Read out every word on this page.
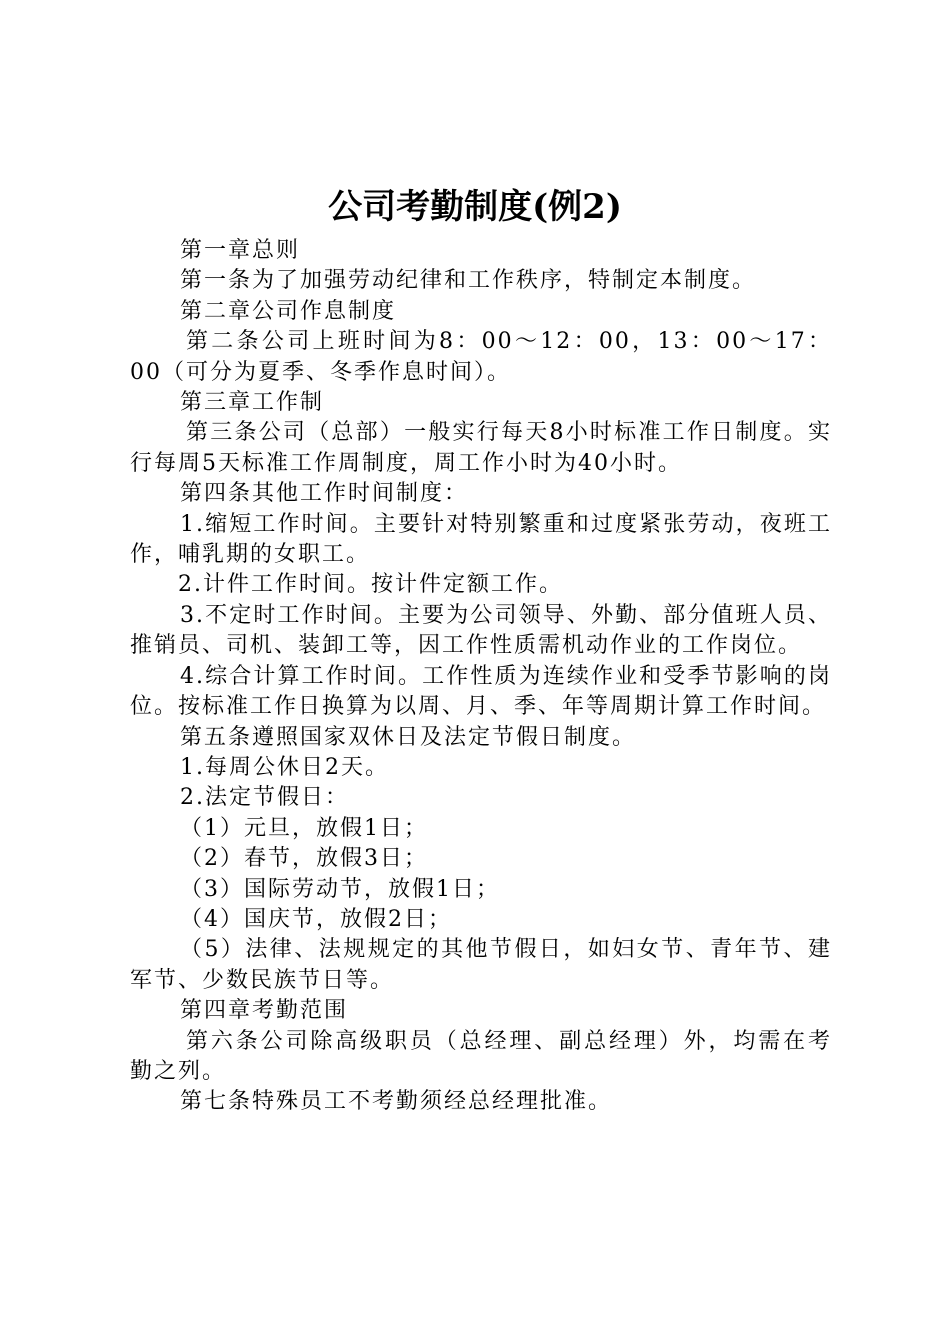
公司考勤制度(例2)

第一章总则

第一条为了加强劳动纪律和工作秩序，特制定本制度。

第二章公司作息制度

第二条公司上班时间为8：00～12：00，13：00～17：00（可分为夏季、冬季作息时间）。

第三章工作制

第三条公司（总部）一般实行每天8小时标准工作日制度。实行每周5天标准工作周制度，周工作小时为40小时。

第四条其他工作时间制度：

1.缩短工作时间。主要针对特别繁重和过度紧张劳动，夜班工作，哺乳期的女职工。

2.计件工作时间。按计件定额工作。

3.不定时工作时间。主要为公司领导、外勤、部分值班人员、推销员、司机、装卸工等，因工作性质需机动作业的工作岗位。

4.综合计算工作时间。工作性质为连续作业和受季节影响的岗位。按标准工作日换算为以周、月、季、年等周期计算工作时间。

第五条遵照国家双休日及法定节假日制度。

1.每周公休日2天。

2.法定节假日：

（1）元旦，放假1日；

（2）春节，放假3日；

（3）国际劳动节，放假1日；

（4）国庆节，放假2日；

（5）法律、法规规定的其他节假日，如妇女节、青年节、建军节、少数民族节日等。

第四章考勤范围

第六条公司除高级职员（总经理、副总经理）外，均需在考勤之列。

第七条特殊员工不考勤须经总经理批准。
